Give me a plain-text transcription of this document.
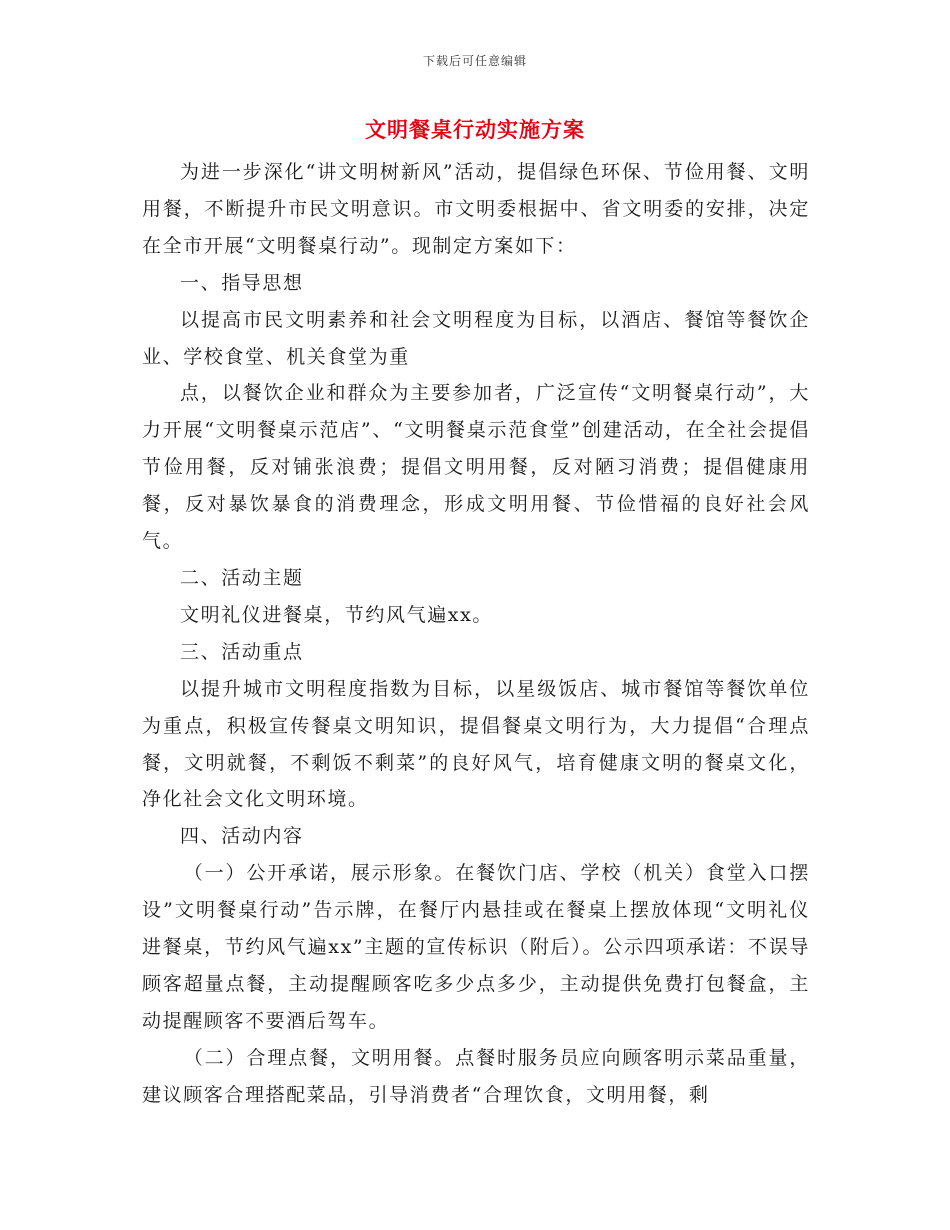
下载后可任意编辑
文明餐桌行动实施方案

为进一步深化“讲文明树新风”活动，提倡绿色环保、节俭用餐、文明用餐，不断提升市民文明意识。市文明委根据中、省文明委的安排，决定在全市开展“文明餐桌行动”。现制定方案如下：

一、指导思想

以提高市民文明素养和社会文明程度为目标，以酒店、餐馆等餐饮企业、学校食堂、机关食堂为重

点，以餐饮企业和群众为主要参加者，广泛宣传“文明餐桌行动”，大力开展“文明餐桌示范店”、“文明餐桌示范食堂”创建活动，在全社会提倡节俭用餐，反对铺张浪费；提倡文明用餐，反对陋习消费；提倡健康用餐，反对暴饮暴食的消费理念，形成文明用餐、节俭惜福的良好社会风气。

二、活动主题

文明礼仪进餐桌，节约风气遍xx。

三、活动重点

以提升城市文明程度指数为目标，以星级饭店、城市餐馆等餐饮单位为重点，积极宣传餐桌文明知识，提倡餐桌文明行为，大力提倡“合理点餐，文明就餐，不剩饭不剩菜”的良好风气，培育健康文明的餐桌文化，净化社会文化文明环境。

四、活动内容

（一）公开承诺，展示形象。在餐饮门店、学校（机关）食堂入口摆设”文明餐桌行动”告示牌，在餐厅内悬挂或在餐桌上摆放体现“文明礼仪进餐桌，节约风气遍xx”主题的宣传标识（附后）。公示四项承诺：不误导顾客超量点餐，主动提醒顾客吃多少点多少，主动提供免费打包餐盒，主动提醒顾客不要酒后驾车。

（二）合理点餐，文明用餐。点餐时服务员应向顾客明示菜品重量，建议顾客合理搭配菜品，引导消费者“合理饮食，文明用餐，剩
